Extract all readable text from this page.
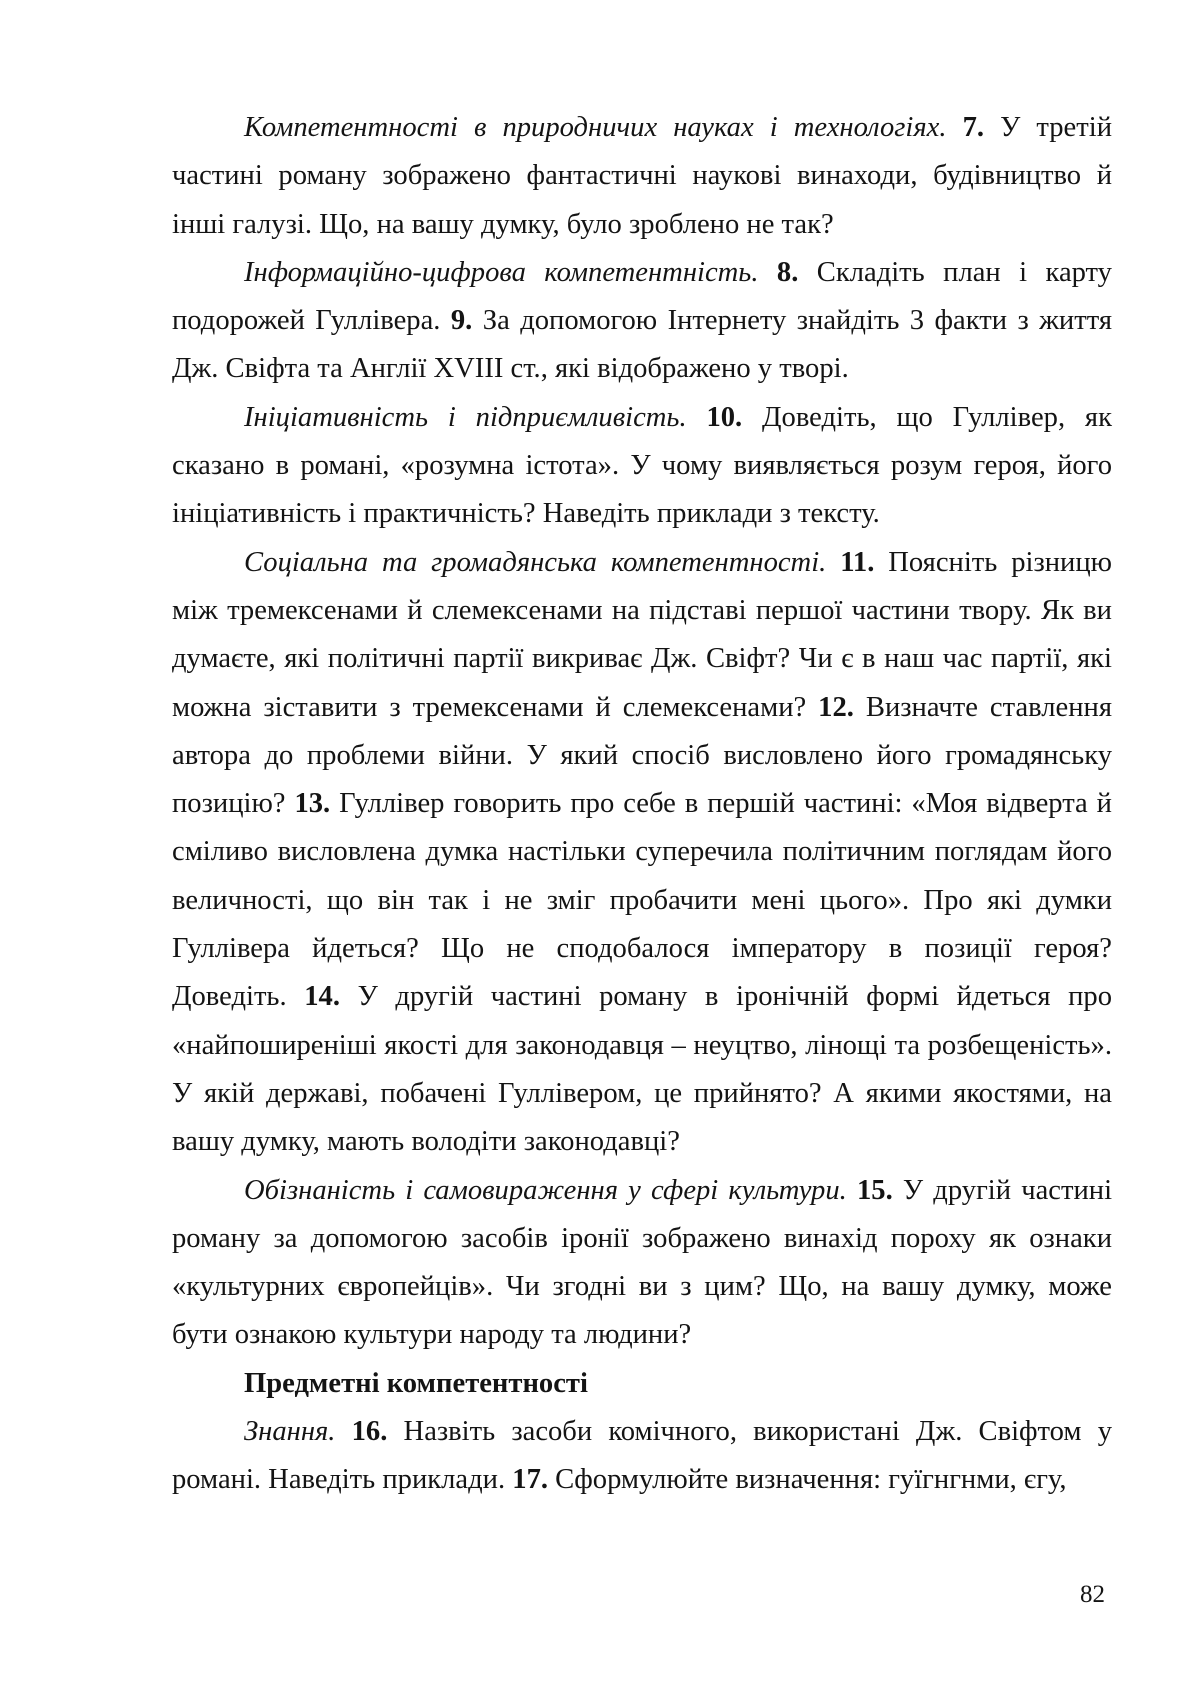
Компетентності в природничих науках і технологіях. 7. У третій частині роману зображено фантастичні наукові винаходи, будівництво й інші галузі. Що, на вашу думку, було зроблено не так?

Інформаційно-цифрова компетентність. 8. Складіть план і карту подорожей Гуллівера. 9. За допомогою Інтернету знайдіть 3 факти з життя Дж. Свіфта та Англії XVIII ст., які відображено у творі.

Ініціативність і підприємливість. 10. Доведіть, що Гуллівер, як сказано в романі, «розумна істота». У чому виявляється розум героя, його ініціативність і практичність? Наведіть приклади з тексту.

Соціальна та громадянська компетентності. 11. Поясніть різницю між тремексенами й слемексенами на підставі першої частини твору. Як ви думаєте, які політичні партії викриває Дж. Свіфт? Чи є в наш час партії, які можна зіставити з тремексенами й слемексенами? 12. Визначте ставлення автора до проблеми війни. У який спосіб висловлено його громадянську позицію? 13. Гуллівер говорить про себе в першій частині: «Моя відверта й сміливо висловлена думка настільки суперечила політичним поглядам його величності, що він так і не зміг пробачити мені цього». Про які думки Гуллівера йдеться? Що не сподобалося імператору в позиції героя? Доведіть. 14. У другій частині роману в іронічній формі йдеться про «найпоширеніші якості для законодавця – неуцтво, лінощі та розбещеність». У якій державі, побачені Гуллівером, це прийнято? А якими якостями, на вашу думку, мають володіти законодавці?

Обізнаність і самовираження у сфері культури. 15. У другій частині роману за допомогою засобів іронії зображено винахід пороху як ознаки «культурних європейців». Чи згодні ви з цим? Що, на вашу думку, може бути ознакою культури народу та людини?

Предметні компетентності

Знання. 16. Назвіть засоби комічного, використані Дж. Свіфтом у романі. Наведіть приклади. 17. Сформулюйте визначення: гуїгнгнми, єгу,

82
